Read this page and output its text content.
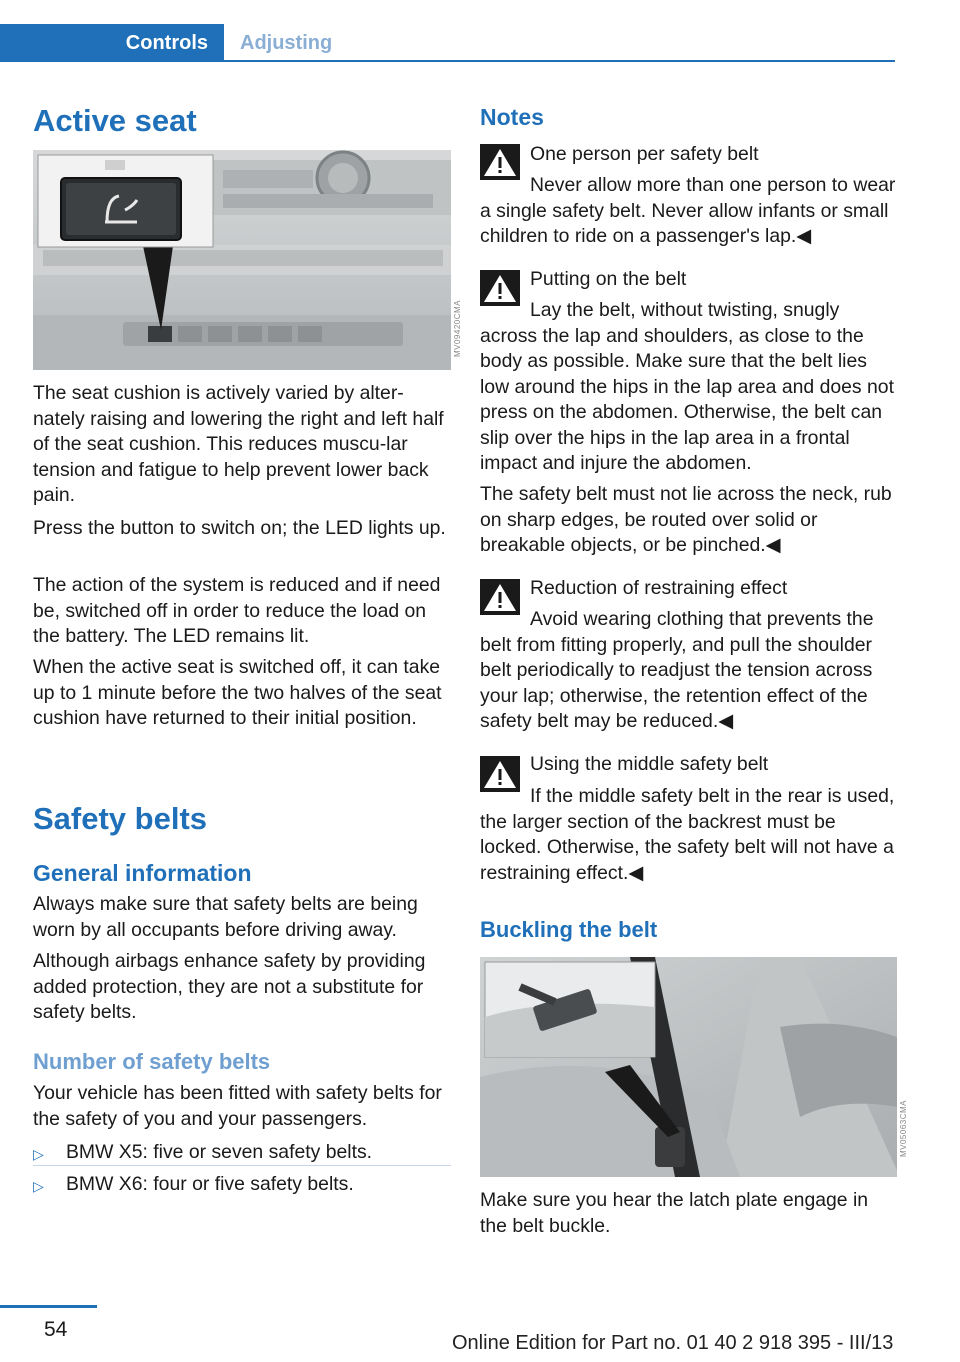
Controls	Adjusting
Active seat
MV09420CMA

The seat cushion is actively varied by alter-nately raising and lowering the right and left half of the seat cushion. This reduces muscu-lar tension and fatigue to help prevent lower back pain.

Press the button to switch on; the LED lights up.

The action of the system is reduced and if need be, switched off in order to reduce the load on the battery. The LED remains lit.

When the active seat is switched off, it can take up to 1 minute before the two halves of the seat cushion have returned to their initial position.

Safety belts
General information

Always make sure that safety belts are being worn by all occupants before driving away.

Although airbags enhance safety by providing added protection, they are not a substitute for safety belts.

Number of safety belts

Your vehicle has been fitted with safety belts for the safety of you and your passengers.

▷ BMW X5: five or seven safety belts.
▷ BMW X6: four or five safety belts.
Notes

One person per safety belt

Never allow more than one person to wear a single safety belt. Never allow infants or small children to ride on a passenger's lap.◀

Putting on the belt

Lay the belt, without twisting, snugly across the lap and shoulders, as close to the body as possible. Make sure that the belt lies low around the hips in the lap area and does not press on the abdomen. Otherwise, the belt can slip over the hips in the lap area in a frontal impact and injure the abdomen.

The safety belt must not lie across the neck, rub on sharp edges, be routed over solid or breakable objects, or be pinched.◀

Reduction of restraining effect

Avoid wearing clothing that prevents the belt from fitting properly, and pull the shoulder belt periodically to readjust the tension across your lap; otherwise, the retention effect of the safety belt may be reduced.◀

Using the middle safety belt

If the middle safety belt in the rear is used, the larger section of the backrest must be locked. Otherwise, the safety belt will not have a restraining effect.◀

Buckling the belt
MV05063CMA

Make sure you hear the latch plate engage in the belt buckle.

54
Online Edition for Part no. 01 40 2 918 395 - III/13
